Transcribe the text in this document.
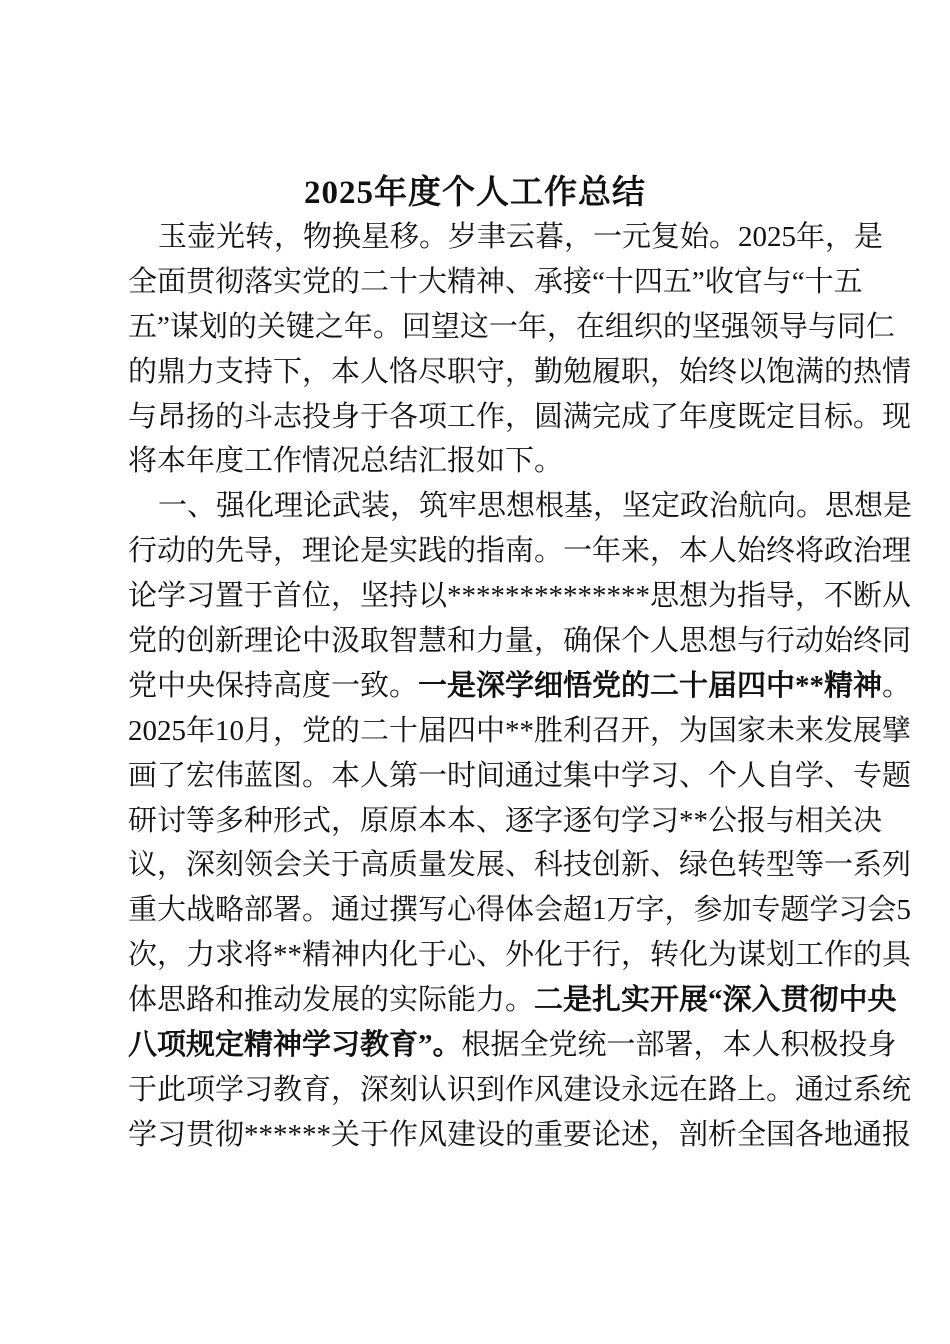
2025年度个人工作总结
玉壶光转，物换星移。岁聿云暮，一元复始。2025年，是
全面贯彻落实党的二十大精神、承接“十四五”收官与“十五
五”谋划的关键之年。回望这一年，在组织的坚强领导与同仁
的鼎力支持下，本人恪尽职守，勤勉履职，始终以饱满的热情
与昂扬的斗志投身于各项工作，圆满完成了年度既定目标。现
将本年度工作情况总结汇报如下。
一、强化理论武装，筑牢思想根基，坚定政治航向。思想是
行动的先导，理论是实践的指南。一年来，本人始终将政治理
论学习置于首位，坚持以**************思想为指导，不断从
党的创新理论中汲取智慧和力量，确保个人思想与行动始终同
党中央保持高度一致。一是深学细悟党的二十届四中**精神。
2025年10月，党的二十届四中**胜利召开，为国家未来发展擘
画了宏伟蓝图。本人第一时间通过集中学习、个人自学、专题
研讨等多种形式，原原本本、逐字逐句学习**公报与相关决
议，深刻领会关于高质量发展、科技创新、绿色转型等一系列
重大战略部署。通过撰写心得体会超1万字，参加专题学习会5
次，力求将**精神内化于心、外化于行，转化为谋划工作的具
体思路和推动发展的实际能力。二是扎实开展“深入贯彻中央
八项规定精神学习教育”。根据全党统一部署，本人积极投身
于此项学习教育，深刻认识到作风建设永远在路上。通过系统
学习贯彻******关于作风建设的重要论述，剖析全国各地通报
